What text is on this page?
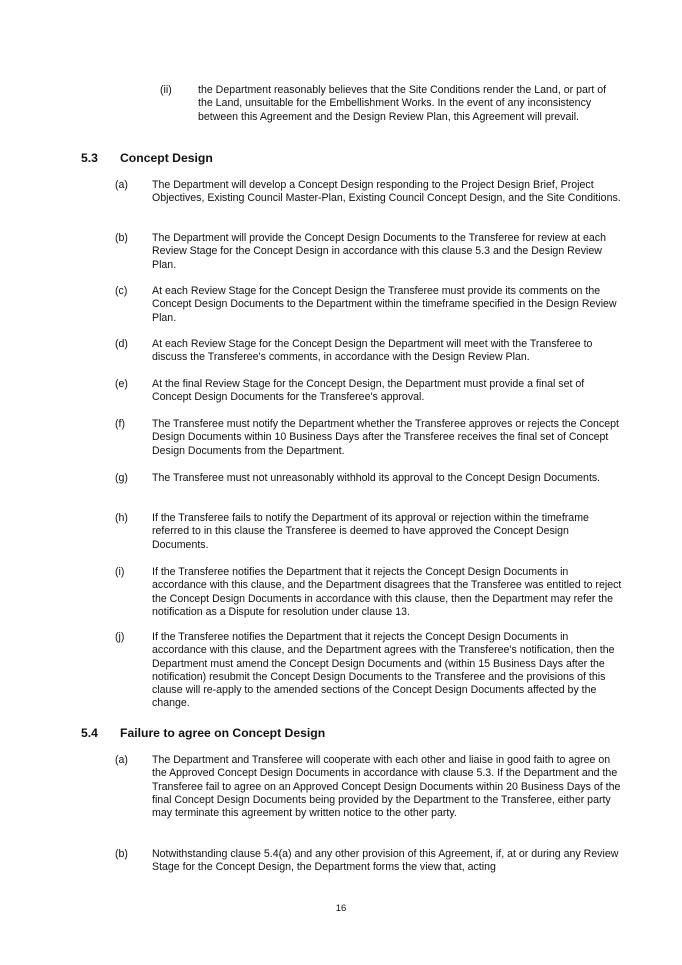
(ii) the Department reasonably believes that the Site Conditions render the Land, or part of the Land, unsuitable for the Embellishment Works. In the event of any inconsistency between this Agreement and the Design Review Plan, this Agreement will prevail.
5.3 Concept Design
(a) The Department will develop a Concept Design responding to the Project Design Brief, Project Objectives, Existing Council Master-Plan, Existing Council Concept Design, and the Site Conditions.
(b) The Department will provide the Concept Design Documents to the Transferee for review at each Review Stage for the Concept Design in accordance with this clause 5.3 and the Design Review Plan.
(c) At each Review Stage for the Concept Design the Transferee must provide its comments on the Concept Design Documents to the Department within the timeframe specified in the Design Review Plan.
(d) At each Review Stage for the Concept Design the Department will meet with the Transferee to discuss the Transferee's comments, in accordance with the Design Review Plan.
(e) At the final Review Stage for the Concept Design, the Department must provide a final set of Concept Design Documents for the Transferee's approval.
(f)	The Transferee must notify the Department whether the Transferee approves or rejects the Concept Design Documents within 10 Business Days after the Transferee receives the final set of Concept Design Documents from the Department.
(g) The Transferee must not unreasonably withhold its approval to the Concept Design Documents.
(h) If the Transferee fails to notify the Department of its approval or rejection within the timeframe referred to in this clause the Transferee is deemed to have approved the Concept Design Documents.
(i)	If the Transferee notifies the Department that it rejects the Concept Design Documents in accordance with this clause, and the Department disagrees that the Transferee was entitled to reject the Concept Design Documents in accordance with this clause, then the Department may refer the notification as a Dispute for resolution under clause 13.
(j)	If the Transferee notifies the Department that it rejects the Concept Design Documents in accordance with this clause, and the Department agrees with the Transferee's notification, then the Department must amend the Concept Design Documents and (within 15 Business Days after the notification) resubmit the Concept Design Documents to the Transferee and the provisions of this clause will re-apply to the amended sections of the Concept Design Documents affected by the change.
5.4 Failure to agree on Concept Design
(a) The Department and Transferee will cooperate with each other and liaise in good faith to agree on the Approved Concept Design Documents in accordance with clause 5.3. If the Department and the Transferee fail to agree on an Approved Concept Design Documents within 20 Business Days of the final Concept Design Documents being provided by the Department to the Transferee, either party may terminate this agreement by written notice to the other party.
(b) Notwithstanding clause 5.4(a) and any other provision of this Agreement, if, at or during any Review Stage for the Concept Design, the Department forms the view that, acting
16
